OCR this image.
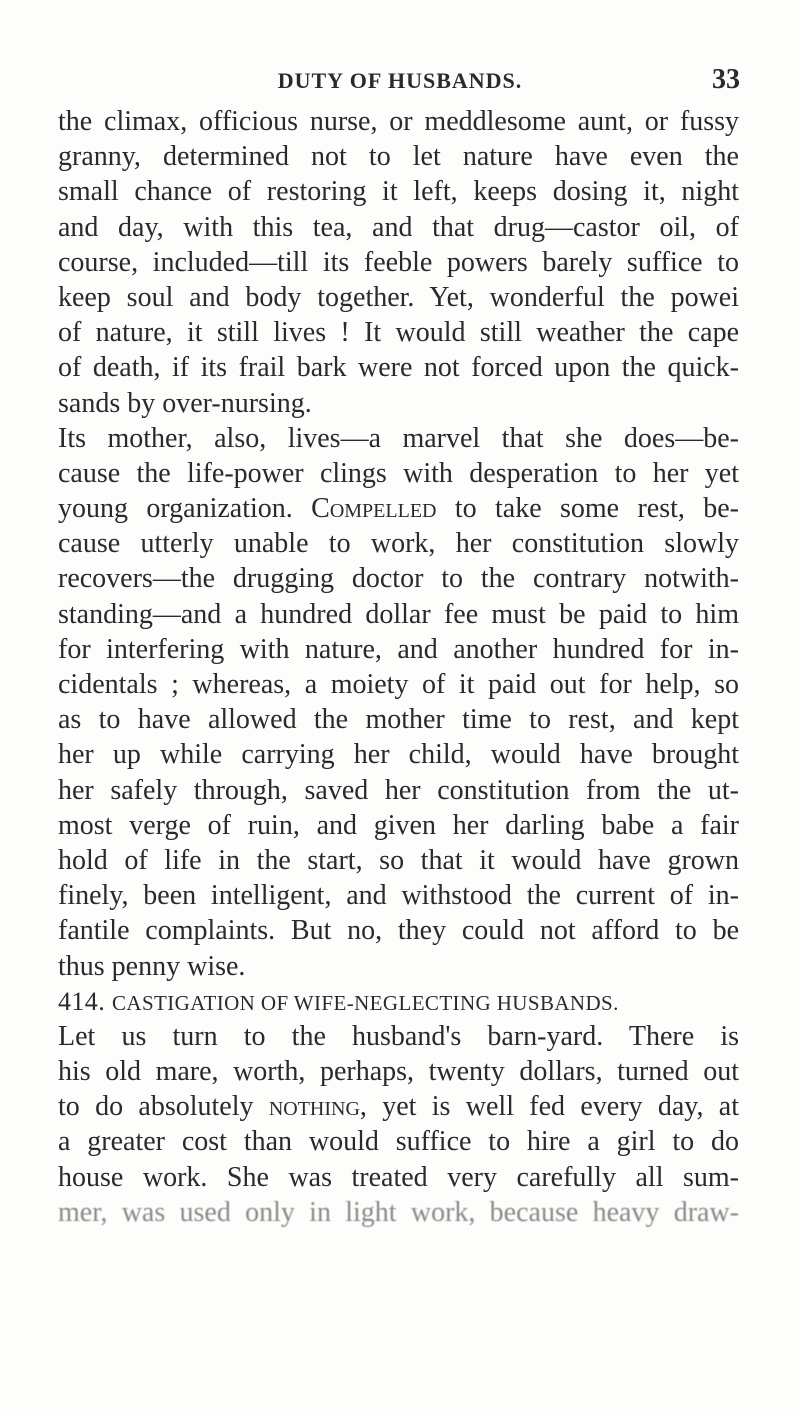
DUTY OF HUSBANDS.	33
the climax, officious nurse, or meddlesome aunt, or fussy
granny, determined not to let nature have even the
small chance of restoring it left, keeps dosing it, night
and day, with this tea, and that drug—castor oil, of
course, included—till its feeble powers barely suffice to
keep soul and body together. Yet, wonderful the powei
of nature, it still lives ! It would still weather the cape
of death, if its frail bark were not forced upon the quick-
sands by over-nursing.
Its mother, also, lives—a marvel that she does—be-
cause the life-power clings with desperation to her yet
young organization. Compelled to take some rest, be-
cause utterly unable to work, her constitution slowly
recovers—the drugging doctor to the contrary notwith-
standing—and a hundred dollar fee must be paid to him
for interfering with nature, and another hundred for in-
cidentals ; whereas, a moiety of it paid out for help, so
as to have allowed the mother time to rest, and kept
her up while carrying her child, would have brought
her safely through, saved her constitution from the ut-
most verge of ruin, and given her darling babe a fair
hold of life in the start, so that it would have grown
finely, been intelligent, and withstood the current of in-
fantile complaints. But no, they could not afford to be
thus penny wise.
414. CASTIGATION OF WIFE-NEGLECTING HUSBANDS.
Let us turn to the husband's barn-yard. There is
his old mare, worth, perhaps, twenty dollars, turned out
to do absolutely nothing, yet is well fed every day, at
a greater cost than would suffice to hire a girl to do
house work. She was treated very carefully all sum-
mer, was used only in light work, because heavy draw-
